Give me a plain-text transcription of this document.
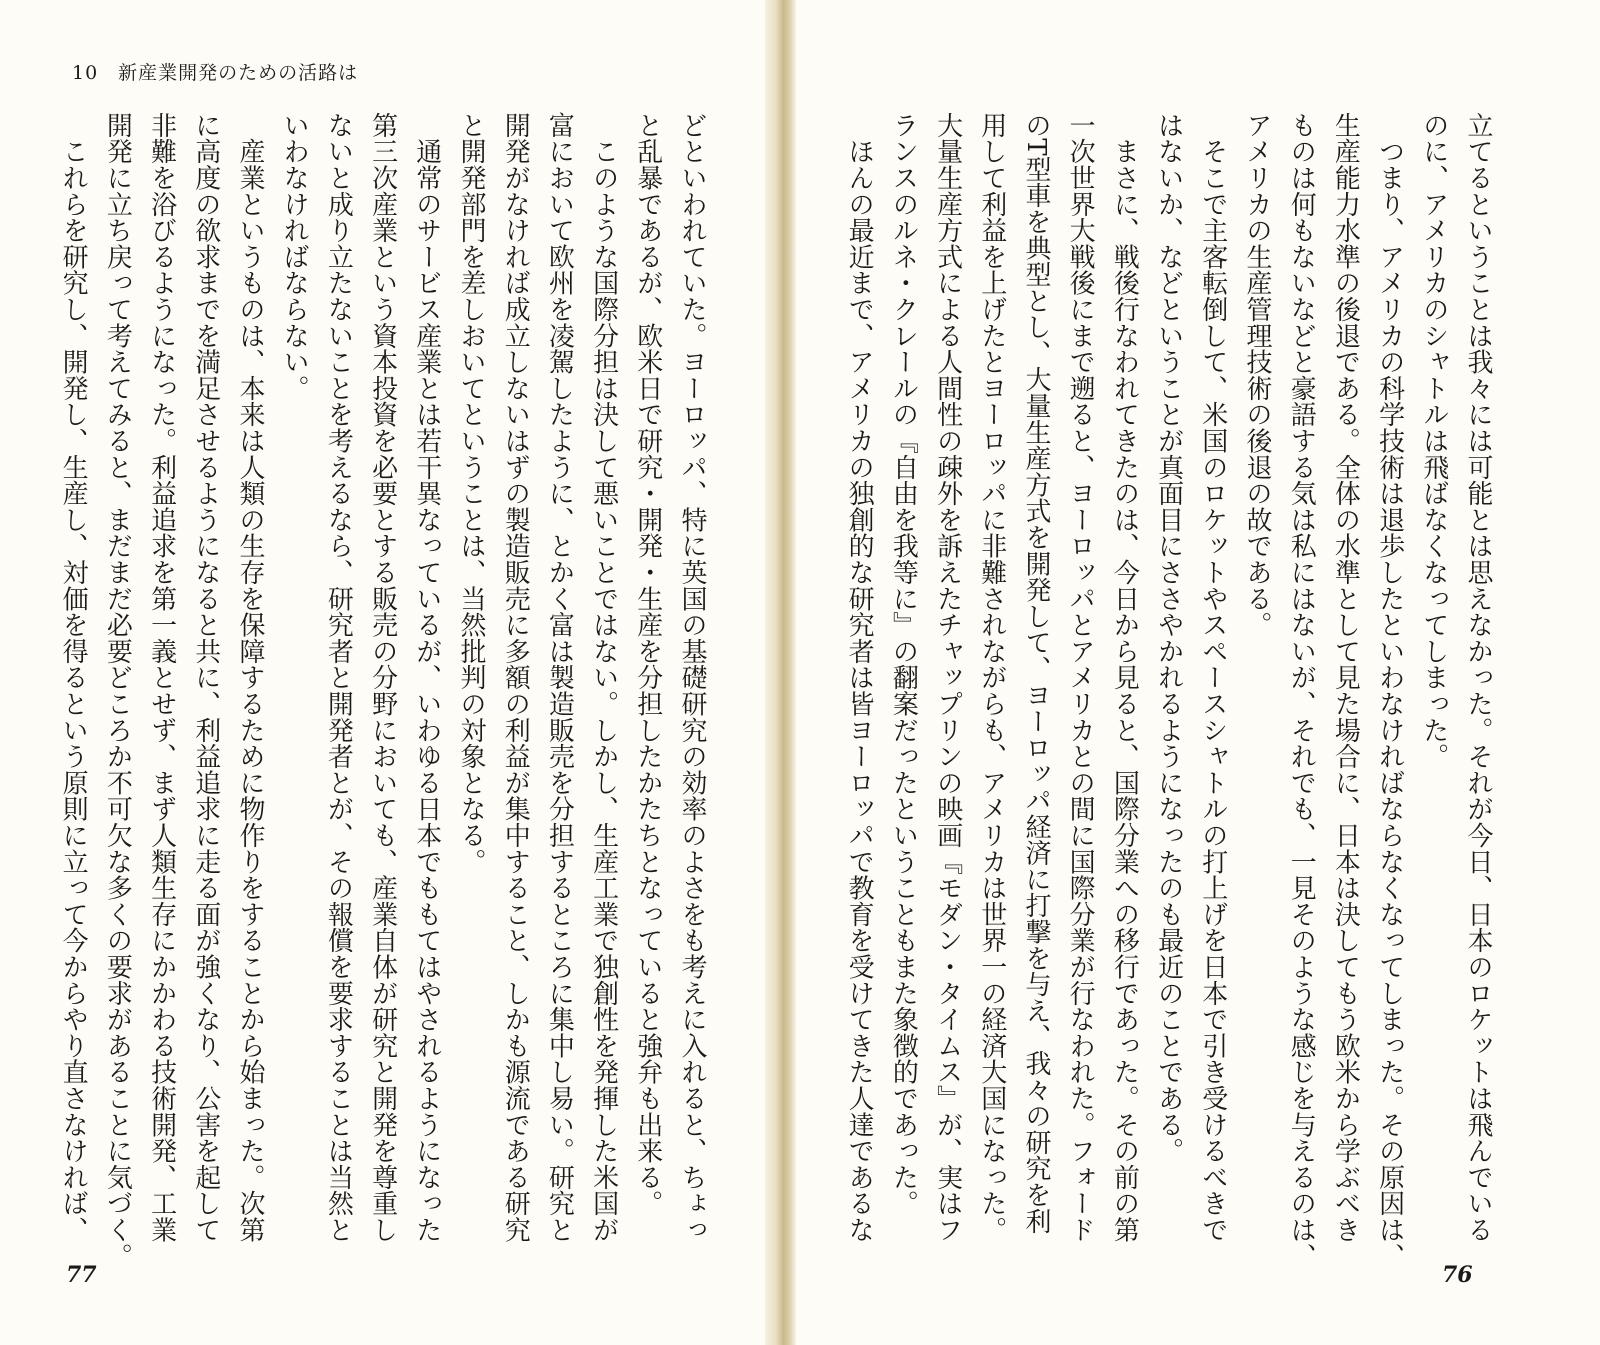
10　新産業開発のための活路は
どといわれていた。ヨーロッパ、特に英国の基礎研究の効率のよさをも考えに入れると、ちょっ
と乱暴であるが、欧米日で研究・開発・生産を分担したかたちとなっていると強弁も出来る。
　このような国際分担は決して悪いことではない。しかし、生産工業で独創性を発揮した米国が
富において欧州を凌駕したように、とかく富は製造販売を分担するところに集中し易い。研究と
開発がなければ成立しないはずの製造販売に多額の利益が集中すること、しかも源流である研究
と開発部門を差しおいてということは、当然批判の対象となる。
　通常のサービス産業とは若干異なっているが、いわゆる日本でももてはやされるようになった
第三次産業という資本投資を必要とする販売の分野においても、産業自体が研究と開発を尊重し
ないと成り立たないことを考えるなら、研究者と開発者とが、その報償を要求することは当然と
いわなければならない。
　産業というものは、本来は人類の生存を保障するために物作りをすることから始まった。次第
に高度の欲求までを満足させるようになると共に、利益追求に走る面が強くなり、公害を起して
非難を浴びるようになった。利益追求を第一義とせず、まず人類生存にかかわる技術開発、工業
開発に立ち戻って考えてみると、まだまだ必要どころか不可欠な多くの要求があることに気づく。
　これらを研究し、開発し、生産し、対価を得るという原則に立って今からやり直さなければ、
77
立てるということは我々には可能とは思えなかった。それが今日、日本のロケットは飛んでいる
のに、アメリカのシャトルは飛ばなくなってしまった。
　つまり、アメリカの科学技術は退歩したといわなければならなくなってしまった。その原因は、
生産能力水準の後退である。全体の水準として見た場合に、日本は決してもう欧米から学ぶべき
ものは何もないなどと豪語する気は私にはないが、それでも、一見そのような感じを与えるのは、
アメリカの生産管理技術の後退の故である。
　そこで主客転倒して、米国のロケットやスペースシャトルの打上げを日本で引き受けるべきで
はないか、などということが真面目にささやかれるようになったのも最近のことである。
　まさに、戦後行なわれてきたのは、今日から見ると、国際分業への移行であった。その前の第
一次世界大戦後にまで遡ると、ヨーロッパとアメリカとの間に国際分業が行なわれた。フォード
のT型車を典型とし、大量生産方式を開発して、ヨーロッパ経済に打撃を与え、我々の研究を利
用して利益を上げたとヨーロッパに非難されながらも、アメリカは世界一の経済大国になった。
大量生産方式による人間性の疎外を訴えたチャップリンの映画『モダン・タイムス』が、実はフ
ランスのルネ・クレールの『自由を我等に』の翻案だったということもまた象徴的であった。
　ほんの最近まで、アメリカの独創的な研究者は皆ヨーロッパで教育を受けてきた人達であるな
76
